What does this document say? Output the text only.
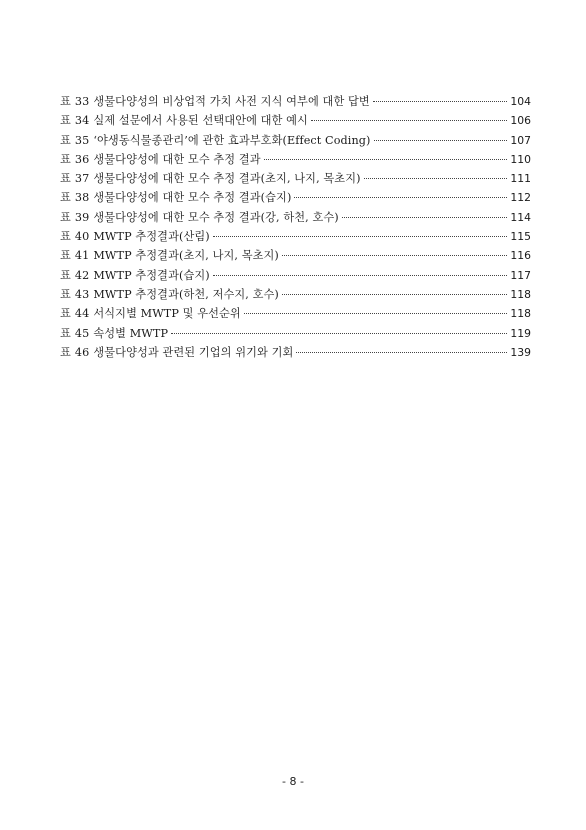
표 33 생물다양성의 비상업적 가치 사전 지식 여부에 대한 답변	104
표 34 실제 설문에서 사용된 선택대안에 대한 예시	106
표 35 ‘야생동식물종관리’에 관한 효과부호화(Effect Coding)	107
표 36 생물다양성에 대한 모수 추정 결과	110
표 37 생물다양성에 대한 모수 추정 결과(초지, 나지, 목초지)	111
표 38 생물다양성에 대한 모수 추정 결과(습지)	112
표 39 생물다양성에 대한 모수 추정 결과(강, 하천, 호수)	114
표 40 MWTP 추정결과(산림)	115
표 41 MWTP 추정결과(초지, 나지, 목초지)	116
표 42 MWTP 추정결과(습지)	117
표 43 MWTP 추정결과(하천, 저수지, 호수)	118
표 44 서식지별 MWTP 및 우선순위	118
표 45 속성별 MWTP	119
표 46 생물다양성과 관련된 기업의 위기와 기회	139
- 8 -
